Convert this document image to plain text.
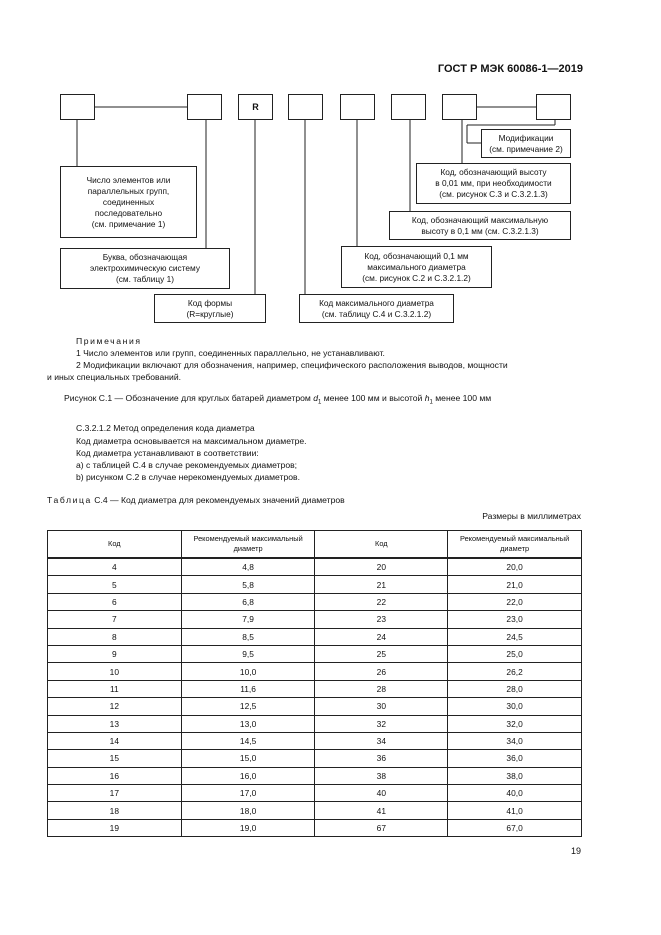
ГОСТ Р МЭК 60086-1—2019
R
Модификации
(см. примечание 2)
Код, обозначающий высоту
в 0,01 мм, при необходимости
(см. рисунок С.3 и С.3.2.1.3)
Код, обозначающий максимальную
высоту в 0,1 мм (см. С.3.2.1.3)
Код, обозначающий 0,1 мм
максимального диаметра
(см. рисунок С.2 и С.3.2.1.2)
Код максимального диаметра
(см. таблицу С.4 и С.3.2.1.2)
Код формы
(R=круглые)
Число элементов или
параллельных групп,
соединенных
последовательно
(см. примечание 1)
Буква, обозначающая
электрохимическую систему
(см. таблицу 1)
Примечания
1 Число элементов или групп, соединенных параллельно, не устанавливают.
2 Модификации включают для обозначения, например, специфического расположения выводов, мощности
и иных специальных требований.
Рисунок С.1 — Обозначение для круглых батарей диаметром $d_1$ менее 100 мм и высотой $h_1$ менее 100 мм
С.3.2.1.2 Метод определения кода диаметра
Код диаметра основывается на максимальном диаметре.
Код диаметра устанавливают в соответствии:
а) с таблицей С.4 в случае рекомендуемых диаметров;
b) рисунком С.2 в случае нерекомендуемых диаметров.
Таблица С.4 — Код диаметра для рекомендуемых значений диаметров
Размеры в миллиметрах
Код	Рекомендуемый максимальный диаметр	Код	Рекомендуемый максимальный диаметр
4	4,8	20	20,0
5	5,8	21	21,0
6	6,8	22	22,0
7	7,9	23	23,0
8	8,5	24	24,5
9	9,5	25	25,0
10	10,0	26	26,2
11	11,6	28	28,0
12	12,5	30	30,0
13	13,0	32	32,0
14	14,5	34	34,0
15	15,0	36	36,0
16	16,0	38	38,0
17	17,0	40	40,0
18	18,0	41	41,0
19	19,0	67	67,0
19
